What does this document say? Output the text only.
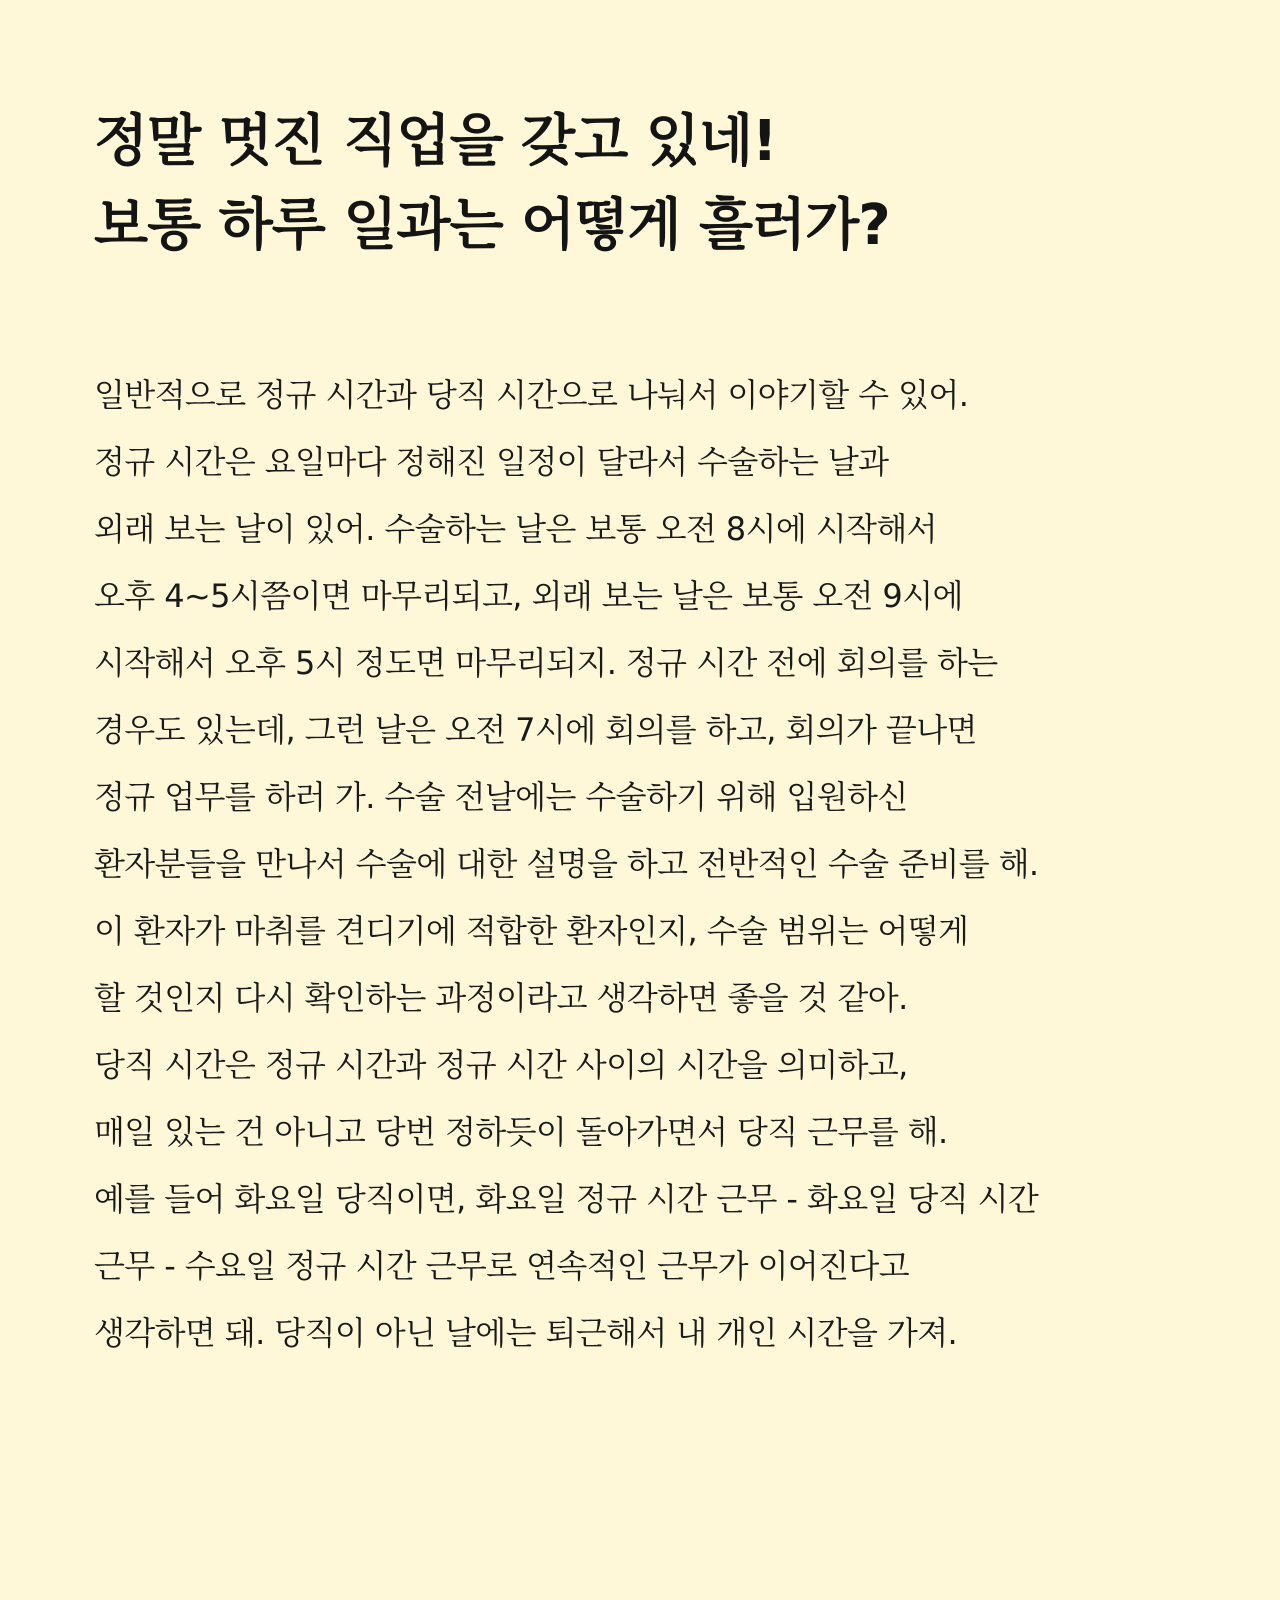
정말 멋진 직업을 갖고 있네!
보통 하루 일과는 어떻게 흘러가?
일반적으로 정규 시간과 당직 시간으로 나눠서 이야기할 수 있어.
정규 시간은 요일마다 정해진 일정이 달라서 수술하는 날과
외래 보는 날이 있어. 수술하는 날은 보통 오전 8시에 시작해서
오후 4~5시쯤이면 마무리되고, 외래 보는 날은 보통 오전 9시에
시작해서 오후 5시 정도면 마무리되지. 정규 시간 전에 회의를 하는
경우도 있는데, 그런 날은 오전 7시에 회의를 하고, 회의가 끝나면
정규 업무를 하러 가. 수술 전날에는 수술하기 위해 입원하신
환자분들을 만나서 수술에 대한 설명을 하고 전반적인 수술 준비를 해.
이 환자가 마취를 견디기에 적합한 환자인지, 수술 범위는 어떻게
할 것인지 다시 확인하는 과정이라고 생각하면 좋을 것 같아.
당직 시간은 정규 시간과 정규 시간 사이의 시간을 의미하고,
매일 있는 건 아니고 당번 정하듯이 돌아가면서 당직 근무를 해.
예를 들어 화요일 당직이면, 화요일 정규 시간 근무 - 화요일 당직 시간
근무 - 수요일 정규 시간 근무로 연속적인 근무가 이어진다고
생각하면 돼. 당직이 아닌 날에는 퇴근해서 내 개인 시간을 가져.
